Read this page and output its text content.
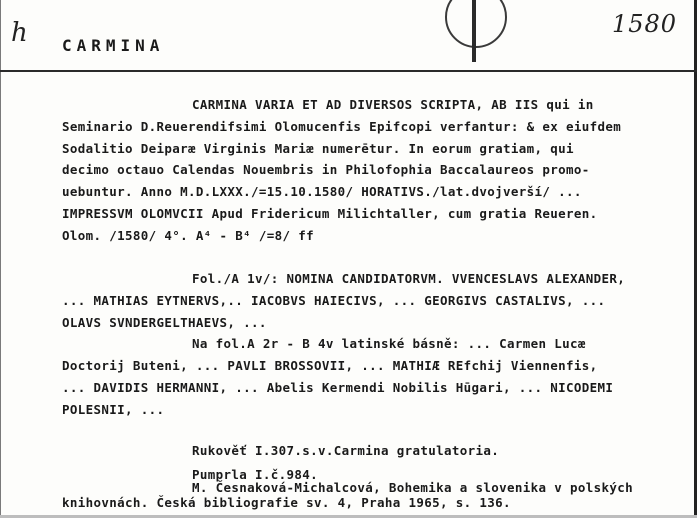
h	1580
CARMINA
CARMINA VARIA ET AD DIVERSOS SCRIPTA, AB IIS qui in
Seminario D.Reuerendifsimi Olomucenfis Epifcopi verfantur: & ex eiufdem
Sodalitio Deiparæ Virginis Mariæ numerētur. In eorum gratiam, qui
decimo octauo Calendas Nouembris in Philofophia Baccalaureos promo-
uebuntur. Anno M.D.LXXX./=15.10.1580/ HORATIVS./lat.dvojverší/ ...
IMPRESSVM OLOMVCII Apud Fridericum Milichtaller, cum gratia Reueren.
Olom. /1580/ 4°. A⁴ - B⁴ /=8/ ff
Fol./A 1v/: NOMINA CANDIDATORVM. VVENCESLAVS ALEXANDER,
... MATHIAS EYTNERVS,.. IACOBVS HAIECIVS, ... GEORGIVS CASTALIVS, ...
OLAVS SVNDERGELTHAEVS, ...
Na fol.A 2r - B 4v latinské básně: ... Carmen Lucæ
Doctorij Buteni, ... PAVLI BROSSOVII, ... MATHIÆ REfchij Viennenfis,
... DAVIDIS HERMANNI, ... Abelis Kermendi Nobilis Hūgari, ... NICODEMI
POLESNII, ...
Rukověť I.307.s.v.Carmina gratulatoria.
Pumprla I.č.984.
M. Česnaková-Michalcová, Bohemika a slovenika v polských
knihovnách. Česká bibliografie sv. 4, Praha 1965, s. 136.
